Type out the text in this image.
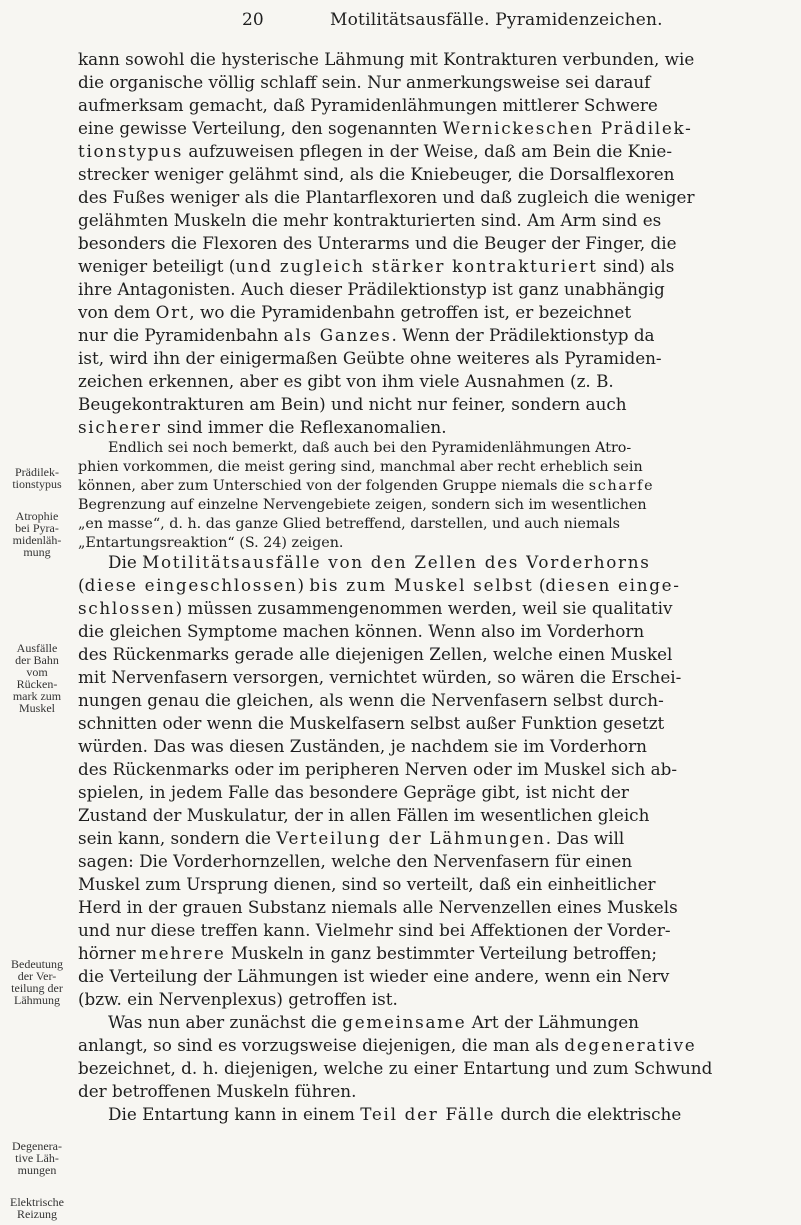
20	Motilitätsausfälle. Pyramidenzeichen.
Prädilek-
tionstypus
Atrophie
bei Pyra-
midenläh-
mung
Ausfälle
der Bahn
vom
Rücken-
mark zum
Muskel
Bedeutung
der Ver-
teilung der
Lähmung
Degenera-
tive Läh-
mungen
Elektrische
Reizung
kann sowohl die hysterische Lähmung mit Kontrakturen verbunden, wie
die organische völlig schlaff sein. Nur anmerkungsweise sei darauf
aufmerksam gemacht, daß Pyramidenlähmungen mittlerer Schwere
eine gewisse Verteilung, den sogenannten Wernickeschen Prädilek-
tionstypus aufzuweisen pflegen in der Weise, daß am Bein die Knie-
strecker weniger gelähmt sind, als die Kniebeuger, die Dorsalflexoren
des Fußes weniger als die Plantarflexoren und daß zugleich die weniger
gelähmten Muskeln die mehr kontrakturierten sind. Am Arm sind es
besonders die Flexoren des Unterarms und die Beuger der Finger, die
weniger beteiligt (und zugleich stärker kontrakturiert sind) als
ihre Antagonisten. Auch dieser Prädilektionstyp ist ganz unabhängig
von dem Ort, wo die Pyramidenbahn getroffen ist, er bezeichnet
nur die Pyramidenbahn als Ganzes. Wenn der Prädilektionstyp da
ist, wird ihn der einigermaßen Geübte ohne weiteres als Pyramiden-
zeichen erkennen, aber es gibt von ihm viele Ausnahmen (z. B.
Beugekontrakturen am Bein) und nicht nur feiner, sondern auch
sicherer sind immer die Reflexanomalien.
Endlich sei noch bemerkt, daß auch bei den Pyramidenlähmungen Atro-
phien vorkommen, die meist gering sind, manchmal aber recht erheblich sein
können, aber zum Unterschied von der folgenden Gruppe niemals die scharfe
Begrenzung auf einzelne Nervengebiete zeigen, sondern sich im wesentlichen
„en masse“, d. h. das ganze Glied betreffend, darstellen, und auch niemals
„Entartungsreaktion“ (S. 24) zeigen.
Die Motilitätsausfälle von den Zellen des Vorderhorns
(diese eingeschlossen) bis zum Muskel selbst (diesen einge-
schlossen) müssen zusammengenommen werden, weil sie qualitativ
die gleichen Symptome machen können. Wenn also im Vorderhorn
des Rückenmarks gerade alle diejenigen Zellen, welche einen Muskel
mit Nervenfasern versorgen, vernichtet würden, so wären die Erschei-
nungen genau die gleichen, als wenn die Nervenfasern selbst durch-
schnitten oder wenn die Muskelfasern selbst außer Funktion gesetzt
würden. Das was diesen Zuständen, je nachdem sie im Vorderhorn
des Rückenmarks oder im peripheren Nerven oder im Muskel sich ab-
spielen, in jedem Falle das besondere Gepräge gibt, ist nicht der
Zustand der Muskulatur, der in allen Fällen im wesentlichen gleich
sein kann, sondern die Verteilung der Lähmungen. Das will
sagen: Die Vorderhornzellen, welche den Nervenfasern für einen
Muskel zum Ursprung dienen, sind so verteilt, daß ein einheitlicher
Herd in der grauen Substanz niemals alle Nervenzellen eines Muskels
und nur diese treffen kann. Vielmehr sind bei Affektionen der Vorder-
hörner mehrere Muskeln in ganz bestimmter Verteilung betroffen;
die Verteilung der Lähmungen ist wieder eine andere, wenn ein Nerv
(bzw. ein Nervenplexus) getroffen ist.
Was nun aber zunächst die gemeinsame Art der Lähmungen
anlangt, so sind es vorzugsweise diejenigen, die man als degenerative
bezeichnet, d. h. diejenigen, welche zu einer Entartung und zum Schwund
der betroffenen Muskeln führen.
Die Entartung kann in einem Teil der Fälle durch die elektrische
